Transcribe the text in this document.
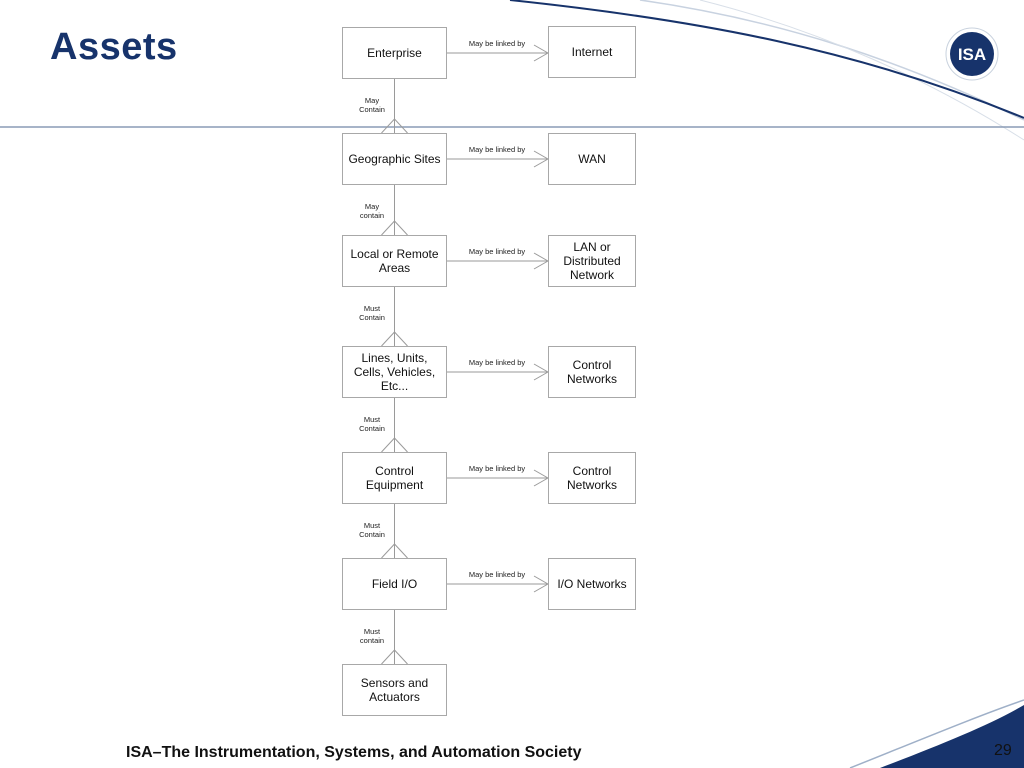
Assets	ISA
Enterprise
Geographic Sites
Local or Remote Areas
Lines, Units, Cells, Vehicles, Etc...
Control Equipment
Field I/O
Sensors and Actuators
Internet
May be linked by
WAN
May be linked by
LAN or Distributed Network
May be linked by
Control Networks
May be linked by
Control Networks
May be linked by
I/O Networks
May be linked by
May Contain
May contain
Must Contain
Must Contain
Must Contain
Must contain
ISA–The Instrumentation, Systems, and Automation Society	29
